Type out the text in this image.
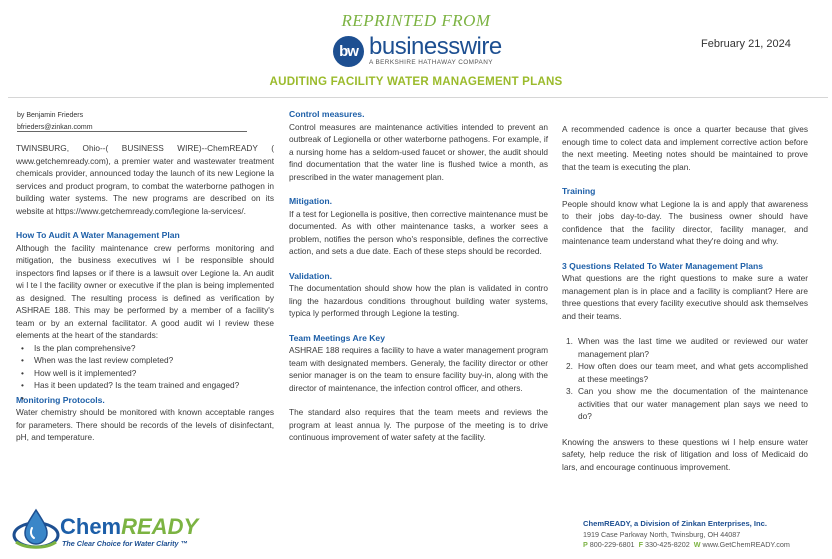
REPRINTED FROM
bw businesswire
A BERKSHIRE HATHAWAY COMPANY
February 21, 2024
AUDITING FACILITY WATER MANAGEMENT PLANS
by Benjamin Frieders
bfrieders@zinkan.comm

TWINSBURG, Ohio--( BUSINESS WIRE)--ChemREADY ( www.getchemready.com), a premier water and wastewater treatment chemicals provider, announced today the launch of its new Legione la services and product program, to combat the waterborne pathogen in building water systems. The new programs are described on its website at https://www.getchemready.com/legione la-services/.

How To Audit A Water Management Plan

Although the facility maintenance crew performs monitoring and mitigation, the business executives wi l be responsible should inspectors find lapses or if there is a lawsuit over Legione la. An audit wi l te l the facility owner or executive if the plan is being implemented as designed. The resulting process is defined as verification by ASHRAE 188. This may be performed by a member of a facility's team or by an external facilitator. A good audit wi l review these elements at the heart of the standards:

• Is the plan comprehensive?
• When was the last review completed?
• How well is it implemented?
• Has it been updated? Is the team trained and engaged?
Monitoring Protocols.

Water chemistry should be monitored with known acceptable ranges for parameters. There should be records of the levels of disinfectant, pH, and temperature.

Control measures.

Control measures are maintenance activities intended to prevent an outbreak of Legionella or other waterborne pathogens. For example, if a nursing home has a seldom-used faucet or shower, the audit should find documentation that the water line is flushed twice a month, as prescribed in the water management plan.

Mitigation.

If a test for Legionella is positive, then corrective maintenance must be documented. As with other maintenance tasks, a worker sees a problem, notifies the person who's responsible, defines the corrective action, and sets a due date. Each of these steps should be recorded.

Validation.

The documentation should show how the plan is validated in contro ling the hazardous conditions throughout building water systems, typica ly performed through Legione la testing.

Team Meetings Are Key

ASHRAE 188 requires a facility to have a water management program team with designated members. Generaly, the facility director or other senior manager is on the team to ensure facility buy-in, along with the director of maintenance, the infection control officer, and others.

The standard also requires that the team meets and reviews the program at least annua ly. The purpose of the meeting is to drive continuous improvement of water safety at the facility.

A recommended cadence is once a quarter because that gives enough time to colect data and implement corrective action before the next meeting. Meeting notes should be maintained to prove that the team is executing the plan.

Training

People should know what Legione la is and apply that awareness to their jobs day-to-day. The business owner should have confidence that the facility director, facility manager, and maintenance team understand what they're doing and why.

3 Questions Related To Water Management Plans

What questions are the right questions to make sure a water management plan is in place and a facility is compliant? Here are three questions that every facility executive should ask themselves and their teams.

1. When was the last time we audited or reviewed our water management plan?
2. How often does our team meet, and what gets accomplished at these meetings?
3. Can you show me the documentation of the maintenance activities that our water management plan says we need to do?

Knowing the answers to these questions wi l help ensure water safety, help reduce the risk of litigation and loss of Medicaid do lars, and encourage continuous improvement.

ChemREADY
The Clear Choice for Water Clarity ™
ChemREADY, a Division of Zinkan Enterprises, Inc.
1919 Case Parkway North, Twinsburg, OH 44087
P 800-229-6801 F 330-425-8202 W www.GetChemREADY.com
